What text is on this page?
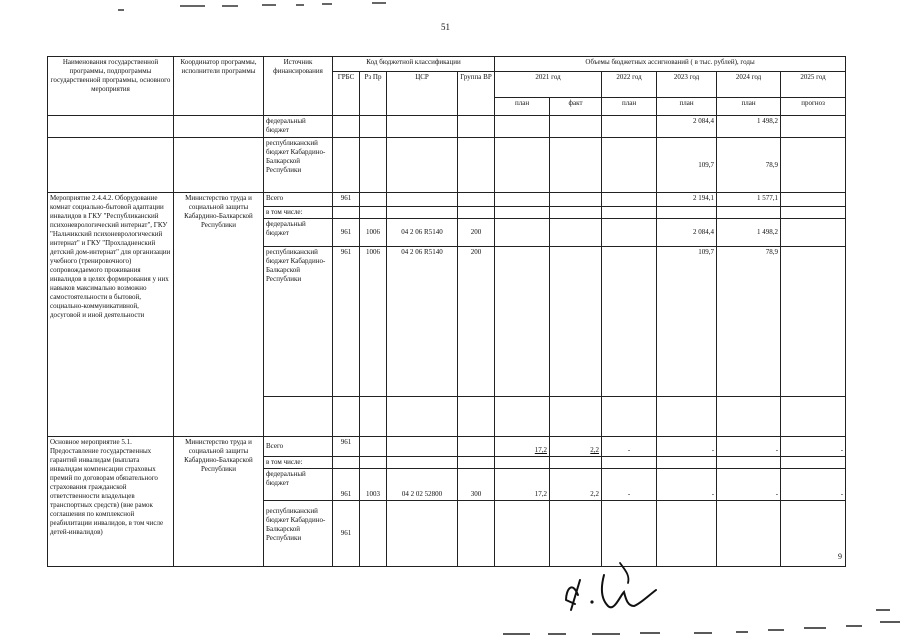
51
Наименования государственной программы, подпрограммы государственной программы, основного мероприятия	Координатор программы, исполнители программы	Источник финансирования	Код бюджетной классификации				Объемы бюджетных ассигнований ( в тыс. рублей), годы					
			ГРБС	Рз Пр	ЦСР	Группа ВР	2021 год		2022 год	2023 год	2024 год	2025 год
							план	факт	план	план	план	прогноз
		федеральный бюджет								2 084,4	1 498,2	
		республиканский бюджет Кабардино-Балкарской Республики								109,7	78,9	
Мероприятие 2.4.4.2. Оборудование комнат социально-бытовой адаптации инвалидов в ГКУ "Республиканский психоневрологический интернат", ГКУ "Нальчикский психоневрологический интернат" и ГКУ "Прохладненский детский дом-интернат" для организации учебного (тренировочного) сопровождаемого проживания инвалидов в целях формирования у них навыков максимально возможно самостоятельности в бытовой, социально-коммуникативной, досуговой и иной деятельности	Министерство труда и социальной защиты Кабардино-Балкарской Республики	Всего	961							2 194,1	1 577,1	
		в том числе:										
		федеральный бюджет	961	1006	04 2 06 R5140	200				2 084,4	1 498,2	
		республиканский бюджет Кабардино-Балкарской Республики	961	1006	04 2 06 R5140	200				109,7	78,9	

Основное мероприятие 5.1. Предоставление государственных гарантий инвалидам (выплата инвалидам компенсации страховых премий по договорам обязательного страхования гражданской ответственности владельцев транспортных средств) (вне рамок соглашения по комплексной реабилитации инвалидов, в том числе детей-инвалидов)	Министерство труда и социальной защиты Кабардино-Балкарской Республики	Всего	961				17,2	2,2	-	-	-	-
		в том числе:										
		федеральный бюджет	961	1003	04 2 02 52800	300	17,2	2,2	-	-	-	-
		республиканский бюджет Кабардино-Балкарской Республики	961									
9
